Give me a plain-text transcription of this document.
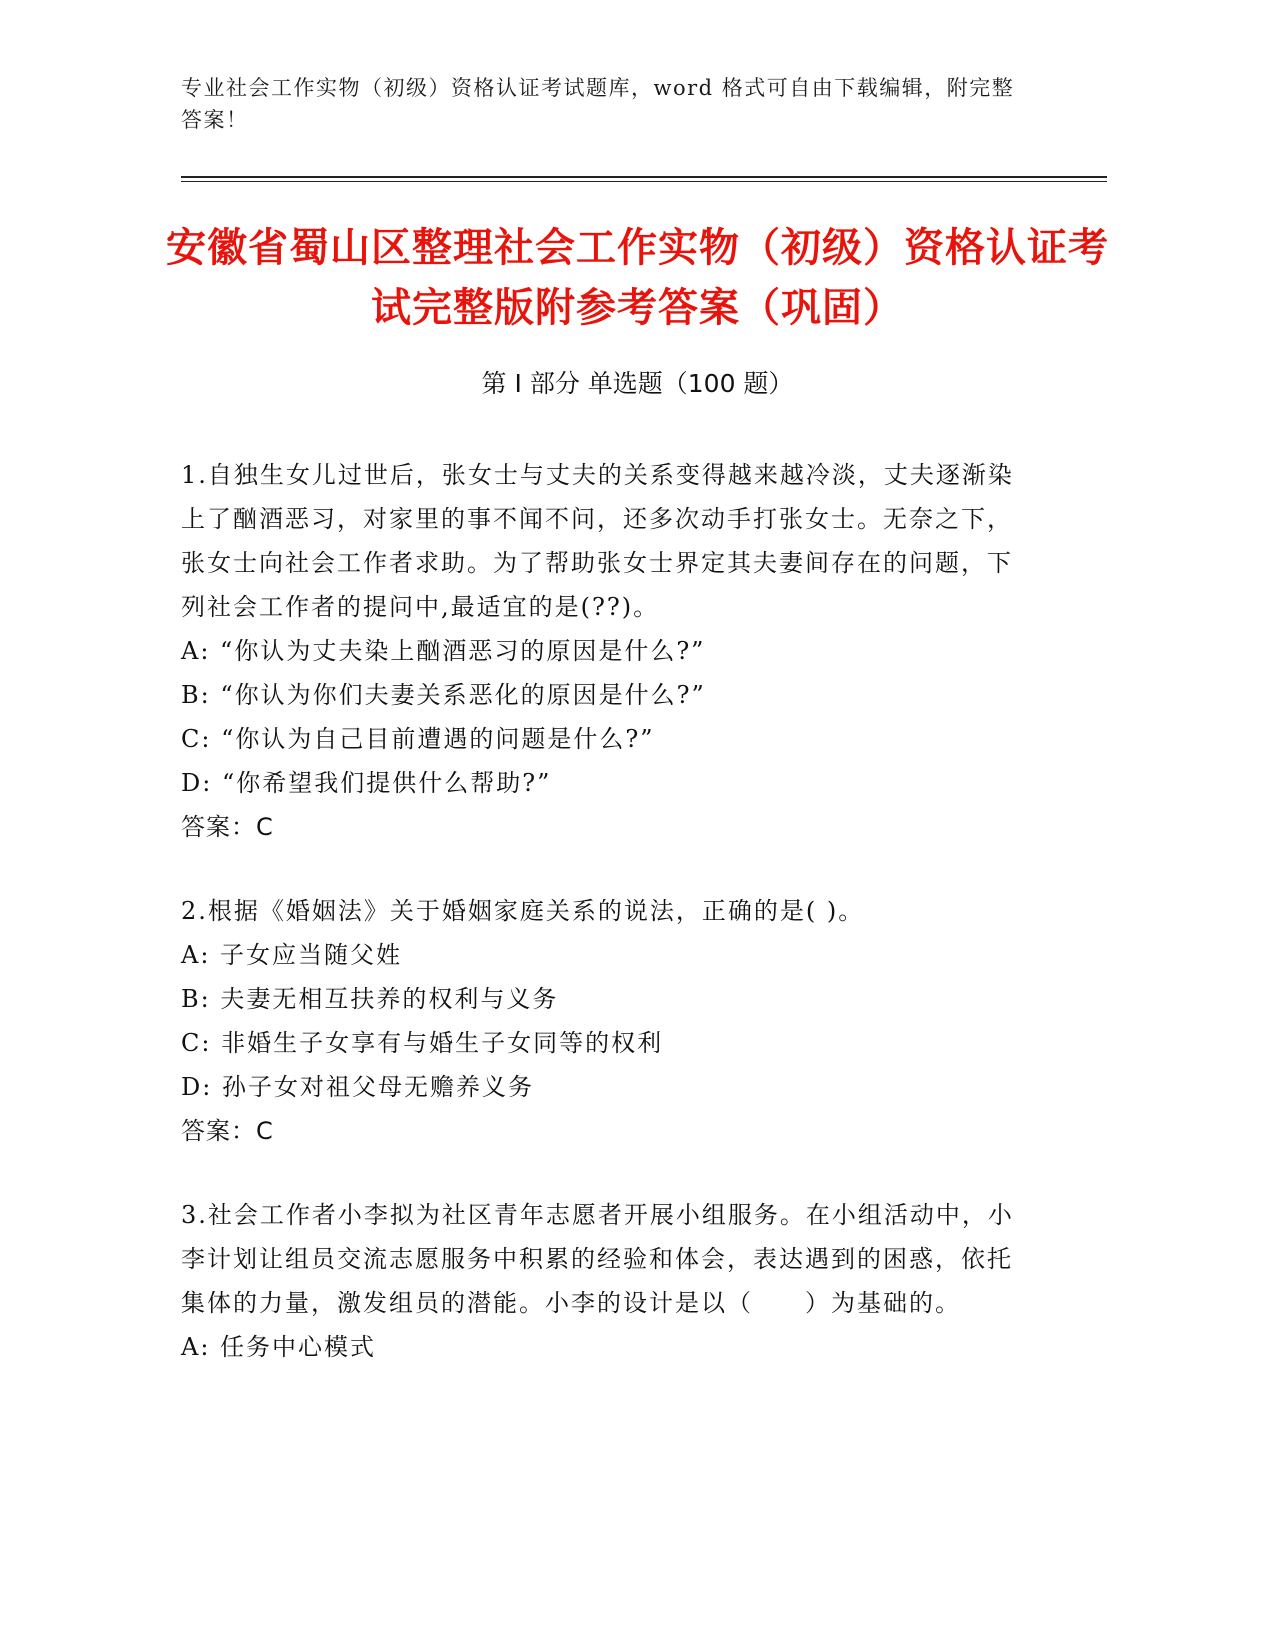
专业社会工作实物（初级）资格认证考试题库，word 格式可自由下载编辑，附完整答案！
安徽省蜀山区整理社会工作实物（初级）资格认证考试完整版附参考答案（巩固）
第 I 部分 单选题（100 题）
1.自独生女儿过世后，张女士与丈夫的关系变得越来越冷淡，丈夫逐渐染上了酗酒恶习，对家里的事不闻不问，还多次动手打张女士。无奈之下，张女士向社会工作者求助。为了帮助张女士界定其夫妻间存在的问题，下列社会工作者的提问中,最适宜的是(??)。
A: “你认为丈夫染上酗酒恶习的原因是什么?”
B: “你认为你们夫妻关系恶化的原因是什么?”
C: “你认为自己目前遭遇的问题是什么?”
D: “你希望我们提供什么帮助?”
答案：C
2.根据《婚姻法》关于婚姻家庭关系的说法，正确的是( )。
A: 子女应当随父姓
B: 夫妻无相互扶养的权利与义务
C: 非婚生子女享有与婚生子女同等的权利
D: 孙子女对祖父母无赡养义务
答案：C
3.社会工作者小李拟为社区青年志愿者开展小组服务。在小组活动中，小李计划让组员交流志愿服务中积累的经验和体会，表达遇到的困惑，依托集体的力量，激发组员的潜能。小李的设计是以（　　）为基础的。
A: 任务中心模式
